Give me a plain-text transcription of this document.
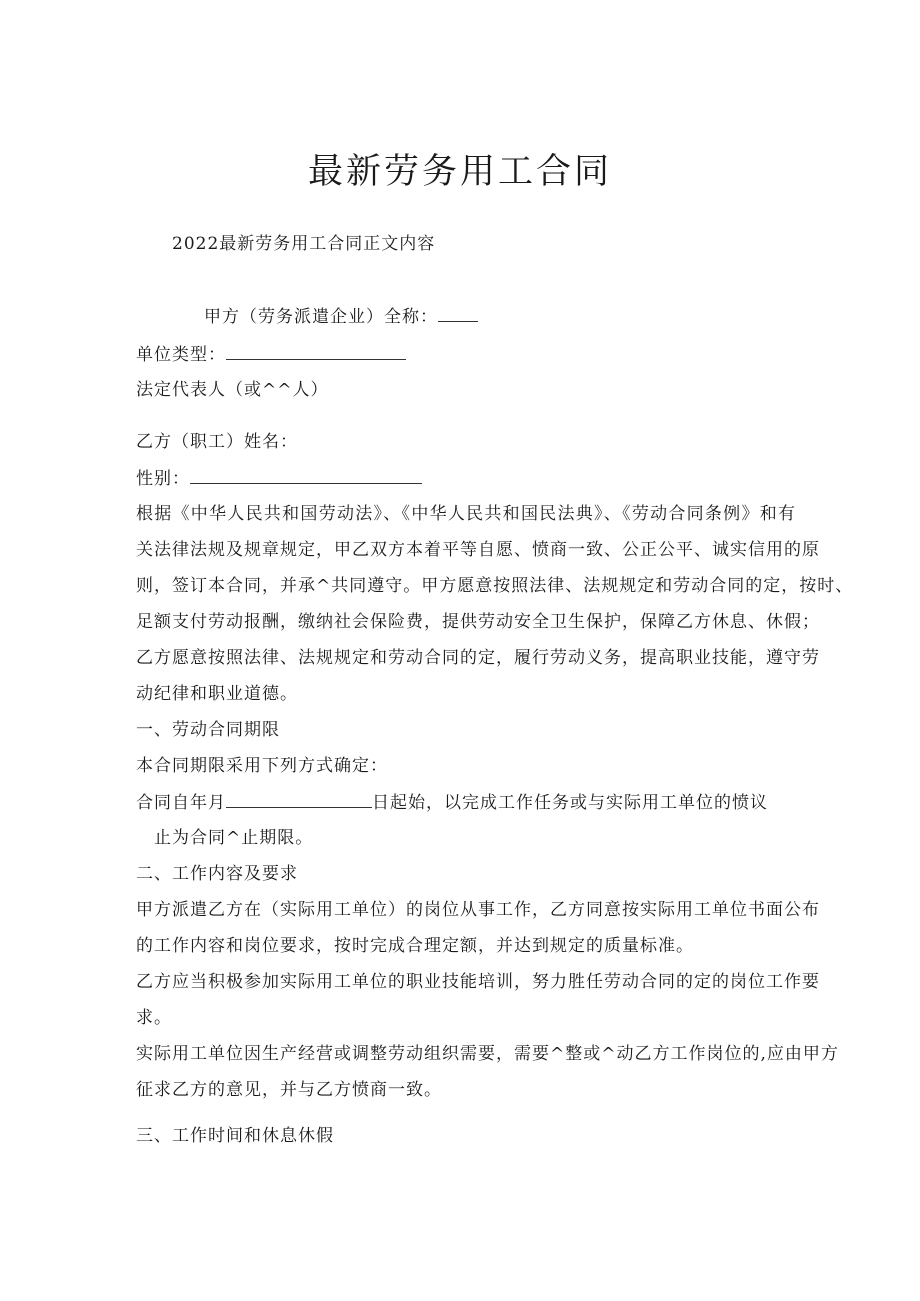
最新劳务用工合同
2022最新劳务用工合同正文内容
甲方（劳务派遣企业）全称：
单位类型：
法定代表人（或^^人）
乙方（职工）姓名：
性别：
根据《中华人民共和国劳动法》、《中华人民共和国民法典》、《劳动合同条例》和有
关法律法规及规章规定，甲乙双方本着平等自愿、愤商一致、公正公平、诚实信用的原
则，签订本合同，并承^共同遵守。甲方愿意按照法律、法规规定和劳动合同的定，按时、
足额支付劳动报酬，缴纳社会保险费，提供劳动安全卫生保护，保障乙方休息、休假；
乙方愿意按照法律、法规规定和劳动合同的定，履行劳动义务，提高职业技能，遵守劳
动纪律和职业道德。
一、劳动合同期限
本合同期限采用下列方式确定：
合同自年月	日起始，以完成工作任务或与实际用工单位的愤议
止为合同^止期限。
二、工作内容及要求
甲方派遣乙方在（实际用工单位）的岗位从事工作，乙方同意按实际用工单位书面公布
的工作内容和岗位要求，按时完成合理定额，并达到规定的质量标准。
乙方应当积极参加实际用工单位的职业技能培训，努力胜任劳动合同的定的岗位工作要
求。
实际用工单位因生产经营或调整劳动组织需要，需要^整或^动乙方工作岗位的,应由甲方
征求乙方的意见，并与乙方愤商一致。
三、工作时间和休息休假
